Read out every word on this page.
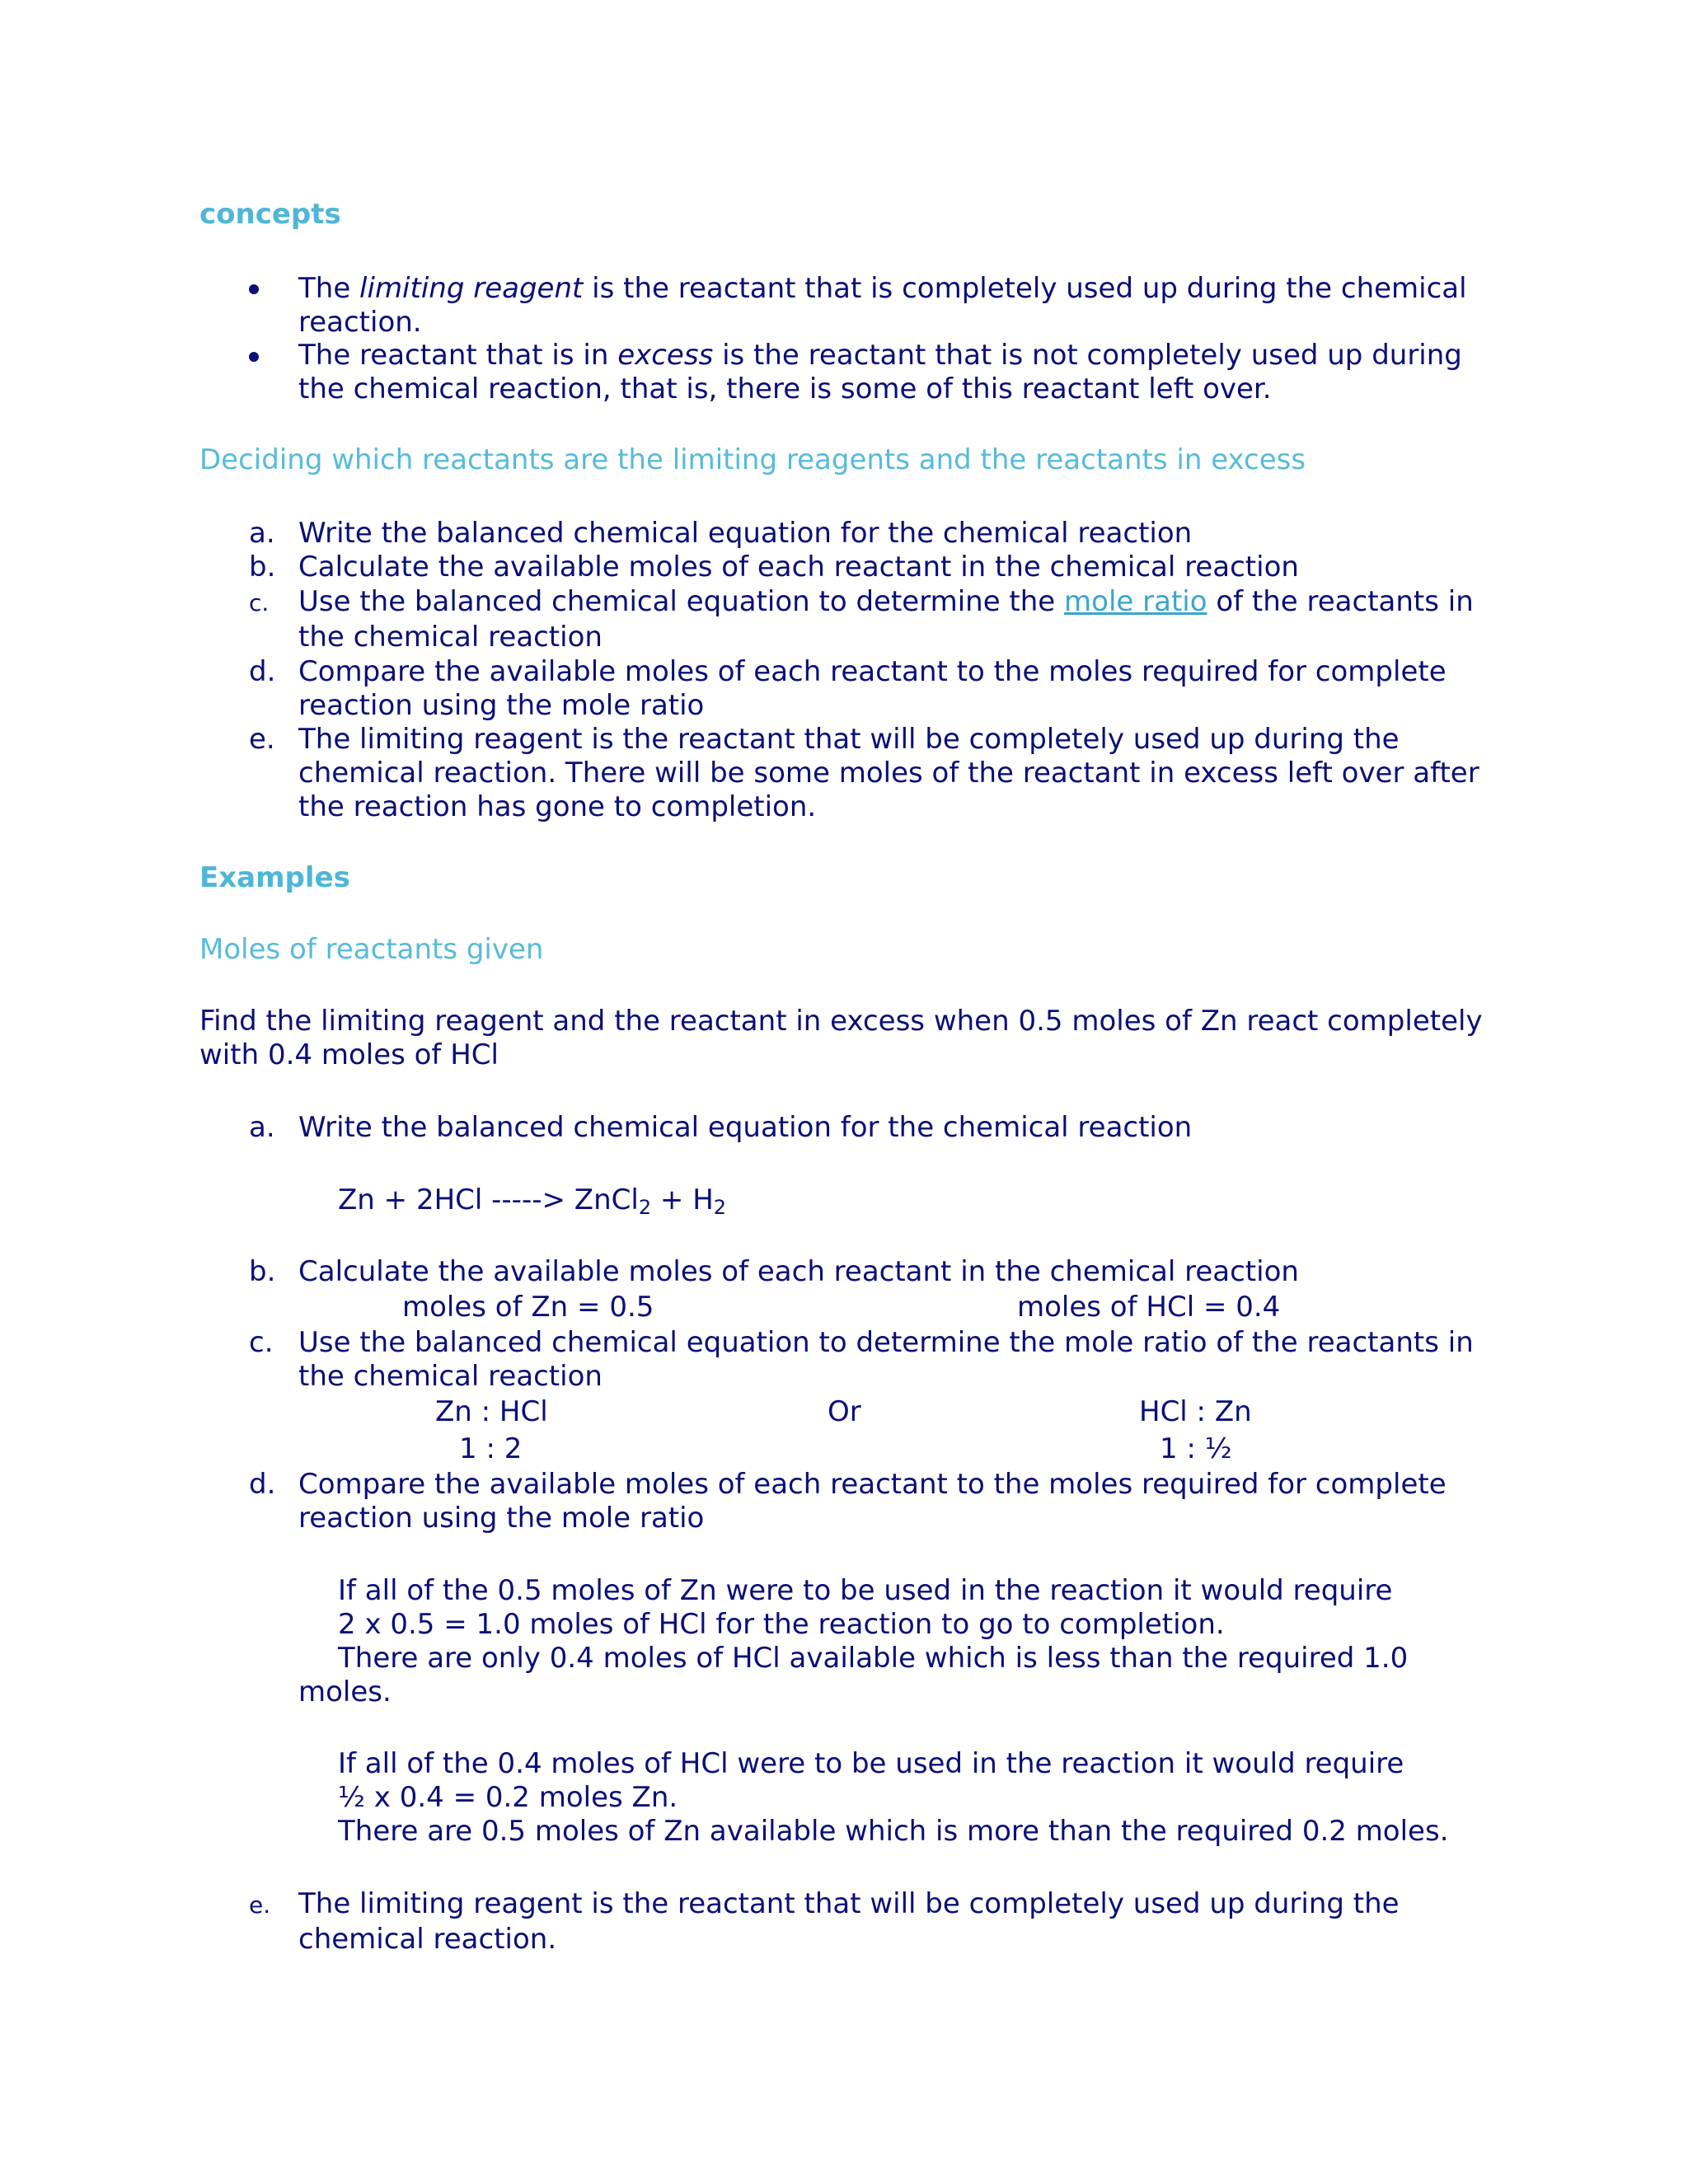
concepts
The limiting reagent is the reactant that is completely used up during the chemical
reaction.
The reactant that is in excess is the reactant that is not completely used up during
the chemical reaction, that is, there is some of this reactant left over.
Deciding which reactants are the limiting reagents and the reactants in excess
a. Write the balanced chemical equation for the chemical reaction
b. Calculate the available moles of each reactant in the chemical reaction
c. Use the balanced chemical equation to determine the mole ratio of the reactants in
the chemical reaction
d. Compare the available moles of each reactant to the moles required for complete
reaction using the mole ratio
e. The limiting reagent is the reactant that will be completely used up during the
chemical reaction. There will be some moles of the reactant in excess left over after
the reaction has gone to completion.
Examples
Moles of reactants given
Find the limiting reagent and the reactant in excess when 0.5 moles of Zn react completely
with 0.4 moles of HCl
a. Write the balanced chemical equation for the chemical reaction
Zn + 2HCl -----> ZnCl$_2$ + $H_2$
b. Calculate the available moles of each reactant in the chemical reaction
moles of Zn = 0.5	moles of HCl = 0.4
c. Use the balanced chemical equation to determine the mole ratio of the reactants in
the chemical reaction
Zn : HCl	Or	HCl : Zn
1 : 2	1 : ½
d. Compare the available moles of each reactant to the moles required for complete
reaction using the mole ratio
If all of the 0.5 moles of Zn were to be used in the reaction it would require
2 x 0.5 = 1.0 moles of HCl for the reaction to go to completion.
There are only 0.4 moles of HCl available which is less than the required 1.0
moles.
If all of the 0.4 moles of HCl were to be used in the reaction it would require
½ x 0.4 = 0.2 moles Zn.
There are 0.5 moles of Zn available which is more than the required 0.2 moles.
e. The limiting reagent is the reactant that will be completely used up during the
chemical reaction.
